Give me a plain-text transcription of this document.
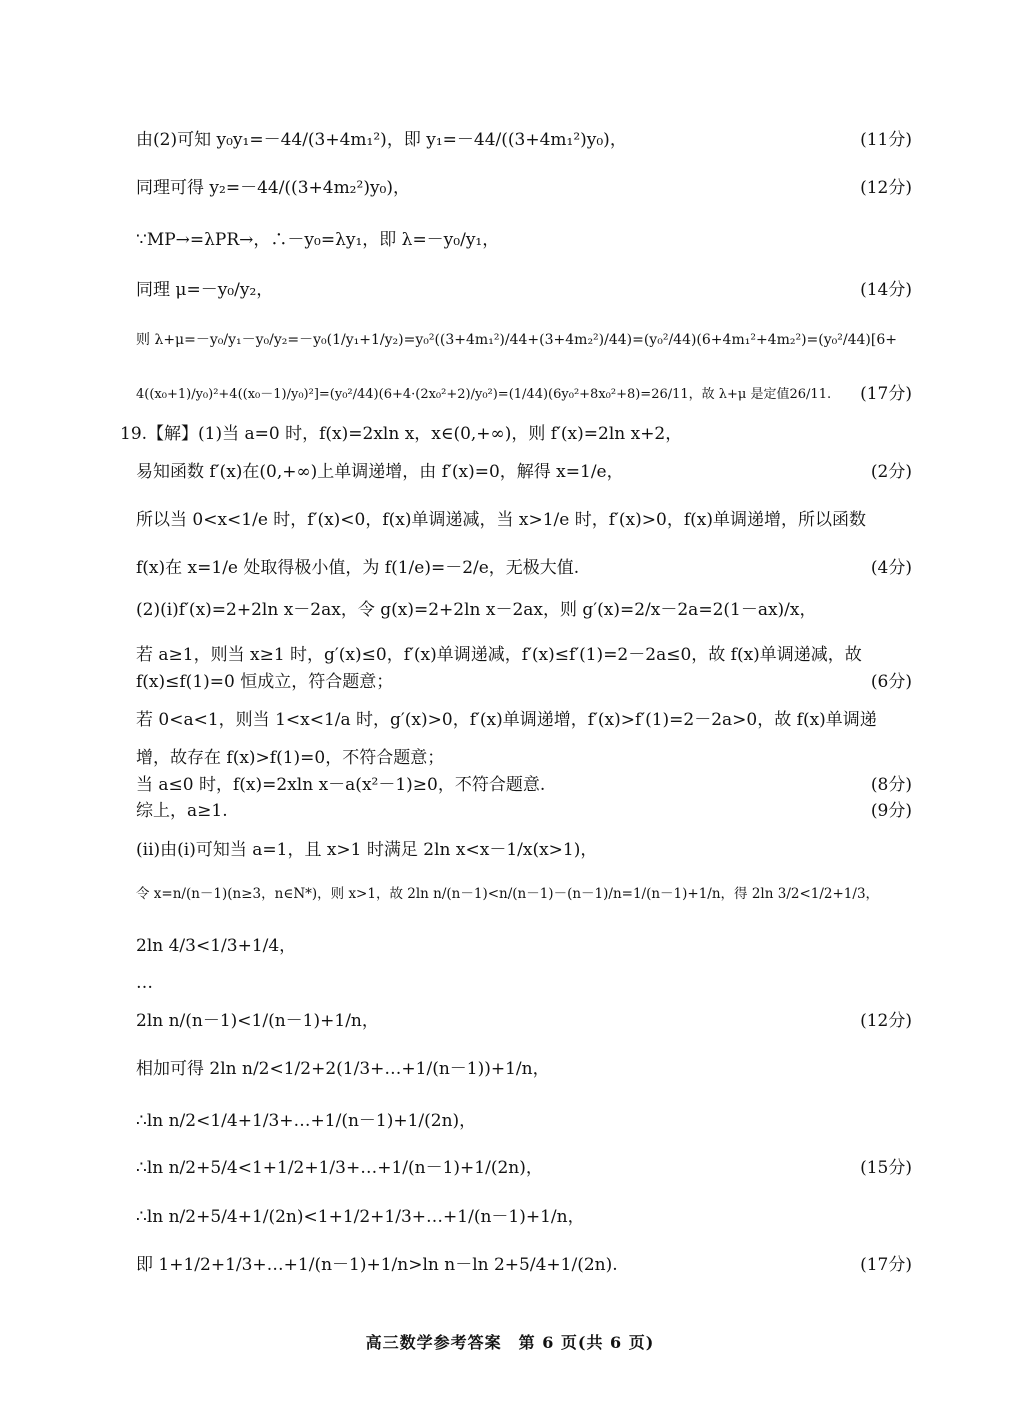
由(2)可知 y₀y₁=－44/(3+4m₁²)，即 y₁=－44/((3+4m₁²)y₀)，	(11分)
同理可得 y₂=－44/((3+4m₂²)y₀)，	(12分)
∵MP→=λPR→，∴－y₀=λy₁，即 λ=－y₀/y₁，
同理 μ=－y₀/y₂，	(14分)
则 λ+μ=－y₀/y₁－y₀/y₂=－y₀(1/y₁+1/y₂)=y₀²((3+4m₁²)/44+(3+4m₂²)/44)=(y₀²/44)(6+4m₁²+4m₂²)=(y₀²/44)[6+
4((x₀+1)/y₀)²+4((x₀－1)/y₀)²]=(y₀²/44)(6+4·(2x₀²+2)/y₀²)=(1/44)(6y₀²+8x₀²+8)=26/11，故 λ+μ 是定值26/11. (17分)
19.【解】(1)当 a=0 时，f(x)=2xln x，x∈(0,+∞)，则 f′(x)=2ln x+2，
易知函数 f′(x)在(0,+∞)上单调递增，由 f′(x)=0，解得 x=1/e，	(2分)
所以当 0<x<1/e 时，f′(x)<0，f(x)单调递减，当 x>1/e 时，f′(x)>0，f(x)单调递增，所以函数
f(x)在 x=1/e 处取得极小值，为 f(1/e)=－2/e，无极大值.	(4分)
(2)(i)f′(x)=2+2ln x－2ax，令 g(x)=2+2ln x－2ax，则 g′(x)=2/x－2a=2(1－ax)/x，
若 a≥1，则当 x≥1 时，g′(x)≤0，f′(x)单调递减，f′(x)≤f′(1)=2－2a≤0，故 f(x)单调递减，故
f(x)≤f(1)=0 恒成立，符合题意；	(6分)
若 0<a<1，则当 1<x<1/a 时，g′(x)>0，f′(x)单调递增，f′(x)>f′(1)=2－2a>0，故 f(x)单调递
增，故存在 f(x)>f(1)=0，不符合题意；
当 a≤0 时，f(x)=2xln x－a(x²－1)≥0，不符合题意.	(8分)
综上，a≥1.	(9分)
(ii)由(i)可知当 a=1，且 x>1 时满足 2ln x<x－1/x(x>1)，
令 x=n/(n－1)(n≥3，n∈N*)，则 x>1，故 2ln n/(n－1)<n/(n－1)－(n－1)/n=1/(n－1)+1/n，得 2ln 3/2<1/2+1/3，
2ln 4/3<1/3+1/4，
…
2ln n/(n－1)<1/(n－1)+1/n，	(12分)
相加可得 2ln n/2<1/2+2(1/3+…+1/(n－1))+1/n，
∴ln n/2<1/4+1/3+…+1/(n－1)+1/(2n)，
∴ln n/2+5/4<1+1/2+1/3+…+1/(n－1)+1/(2n)，	(15分)
∴ln n/2+5/4+1/(2n)<1+1/2+1/3+…+1/(n－1)+1/n，
即 1+1/2+1/3+…+1/(n－1)+1/n>ln n－ln 2+5/4+1/(2n).	(17分)
高三数学参考答案　第 6 页(共 6 页)
